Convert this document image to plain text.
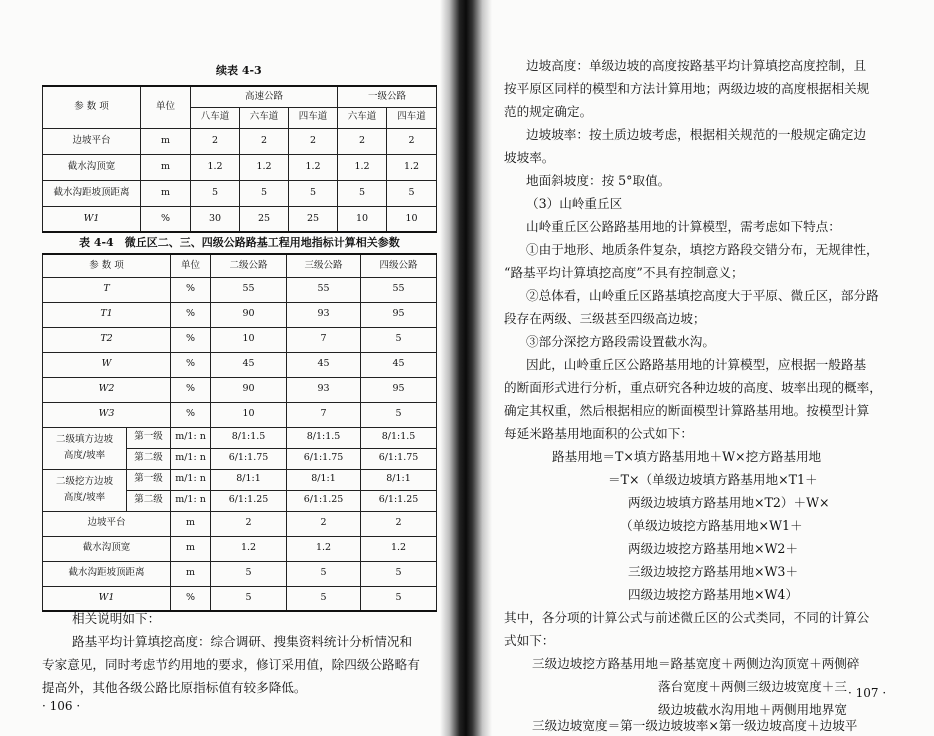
续表 4-3
参 数 项	单位	高速公路			一级公路	
		八车道	六车道	四车道	六车道	四车道
边坡平台	m	2	2	2	2	2
截水沟顶宽	m	1.2	1.2	1.2	1.2	1.2
截水沟距坡顶距离	m	5	5	5	5	5
W1	%	30	25	25	10	10
表 4-4　微丘区二、三、四级公路路基工程用地指标计算相关参数
参 数 项		单位	二级公路	三级公路	四级公路
T		%	55	55	55
T1		%	90	93	95
T2		%	10	7	5
W		%	45	45	45
W2		%	90	93	95
W3		%	10	7	5

二级填方边坡
高度/坡率	第一级	m/1: n	8/1:1.5	8/1:1.5	8/1:1.5
	第二级	m/1: n	6/1:1.75	6/1:1.75	6/1:1.75

二级挖方边坡
高度/坡率	第一级	m/1: n	8/1:1	8/1:1	8/1:1
	第二级	m/1: n	6/1:1.25	6/1:1.25	6/1:1.25
边坡平台		m	2	2	2
截水沟顶宽		m	1.2	1.2	1.2
截水沟距坡顶距离		m	5	5	5
W1		%	5	5	5
相关说明如下：
路基平均计算填挖高度：综合调研、搜集资料统计分析情况和
专家意见，同时考虑节约用地的要求，修订采用值，除四级公路略有
提高外，其他各级公路比原指标值有较多降低。
· 106 ·
边坡高度：单级边坡的高度按路基平均计算填挖高度控制，且
按平原区同样的模型和方法计算用地；两级边坡的高度根据相关规
范的规定确定。
边坡坡率：按土质边坡考虑，根据相关规范的一般规定确定边
坡坡率。
地面斜坡度：按 5°取值。
（3）山岭重丘区
山岭重丘区公路路基用地的计算模型，需考虑如下特点：
①由于地形、地质条件复杂，填挖方路段交错分布，无规律性，
“路基平均计算填挖高度”不具有控制意义；
②总体看，山岭重丘区路基填挖高度大于平原、微丘区，部分路
段存在两级、三级甚至四级高边坡；
③部分深挖方路段需设置截水沟。
因此，山岭重丘区公路路基用地的计算模型，应根据一般路基
的断面形式进行分析，重点研究各种边坡的高度、坡率出现的概率，
确定其权重，然后根据相应的断面模型计算路基用地。按模型计算
每延米路基用地面积的公式如下：
路基用地＝T×填方路基用地＋W×挖方路基用地
＝T×（单级边坡填方路基用地×T1＋
两级边坡填方路基用地×T2）＋W×
（单级边坡挖方路基用地×W1＋
两级边坡挖方路基用地×W2＋
三级边坡挖方路基用地×W3＋
四级边坡挖方路基用地×W4）
其中，各分项的计算公式与前述微丘区的公式类同，不同的计算公
式如下：
三级边坡挖方路基用地＝路基宽度＋两侧边沟顶宽＋两侧碎
落台宽度＋两侧三级边坡宽度＋三
级边坡截水沟用地＋两侧用地界宽
三级边坡宽度＝第一级边坡坡率×第一级边坡高度＋边坡平
· 107 ·
